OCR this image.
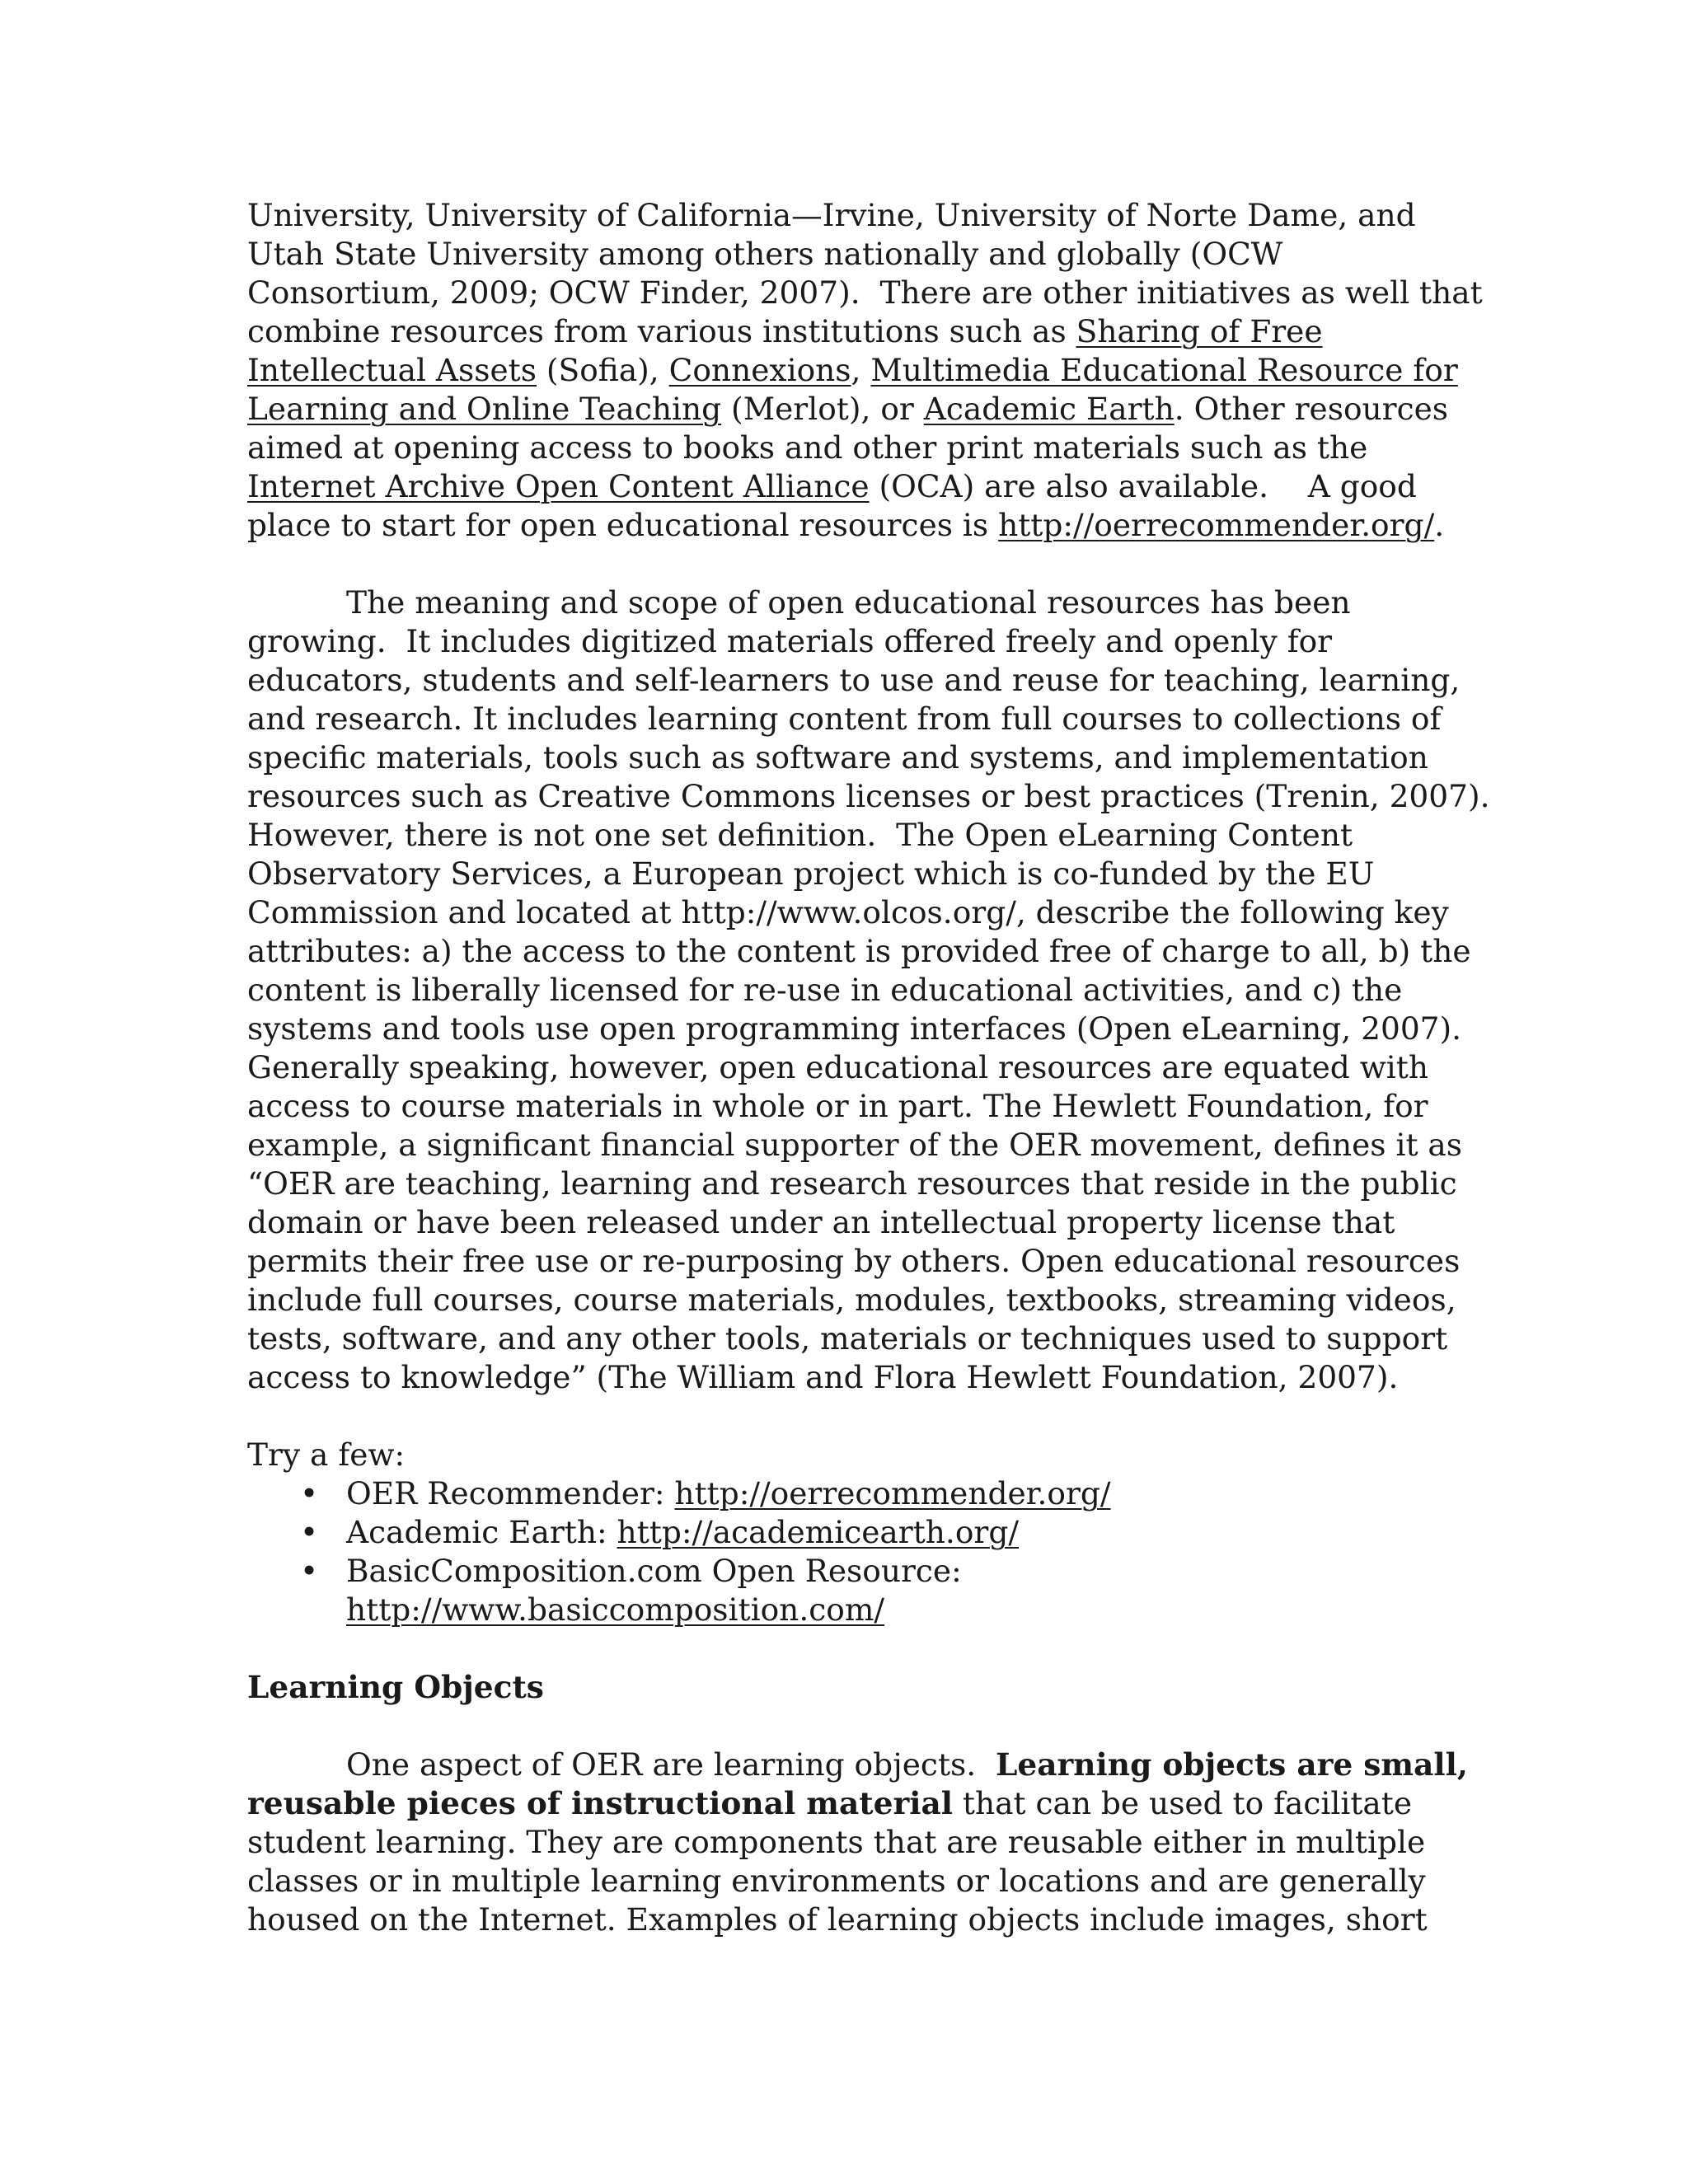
University, University of California—Irvine, University of Norte Dame, and
Utah State University among others nationally and globally (OCW
Consortium, 2009; OCW Finder, 2007).  There are other initiatives as well that
combine resources from various institutions such as Sharing of Free
Intellectual Assets (Sofia), Connexions, Multimedia Educational Resource for
Learning and Online Teaching (Merlot), or Academic Earth. Other resources
aimed at opening access to books and other print materials such as the
Internet Archive Open Content Alliance (OCA) are also available.    A good
place to start for open educational resources is http://oerrecommender.org/.
The meaning and scope of open educational resources has been
growing.  It includes digitized materials offered freely and openly for
educators, students and self-learners to use and reuse for teaching, learning,
and research. It includes learning content from full courses to collections of
specific materials, tools such as software and systems, and implementation
resources such as Creative Commons licenses or best practices (Trenin, 2007).
However, there is not one set definition.  The Open eLearning Content
Observatory Services, a European project which is co-funded by the EU
Commission and located at http://www.olcos.org/, describe the following key
attributes: a) the access to the content is provided free of charge to all, b) the
content is liberally licensed for re-use in educational activities, and c) the
systems and tools use open programming interfaces (Open eLearning, 2007).
Generally speaking, however, open educational resources are equated with
access to course materials in whole or in part. The Hewlett Foundation, for
example, a significant financial supporter of the OER movement, defines it as
“OER are teaching, learning and research resources that reside in the public
domain or have been released under an intellectual property license that
permits their free use or re-purposing by others. Open educational resources
include full courses, course materials, modules, textbooks, streaming videos,
tests, software, and any other tools, materials or techniques used to support
access to knowledge” (The William and Flora Hewlett Foundation, 2007).
Try a few:
• OER Recommender: http://oerrecommender.org/
• Academic Earth: http://academicearth.org/
• BasicComposition.com Open Resource:
http://www.basiccomposition.com/
Learning Objects
One aspect of OER are learning objects.  Learning objects are small,
reusable pieces of instructional material that can be used to facilitate
student learning. They are components that are reusable either in multiple
classes or in multiple learning environments or locations and are generally
housed on the Internet. Examples of learning objects include images, short
